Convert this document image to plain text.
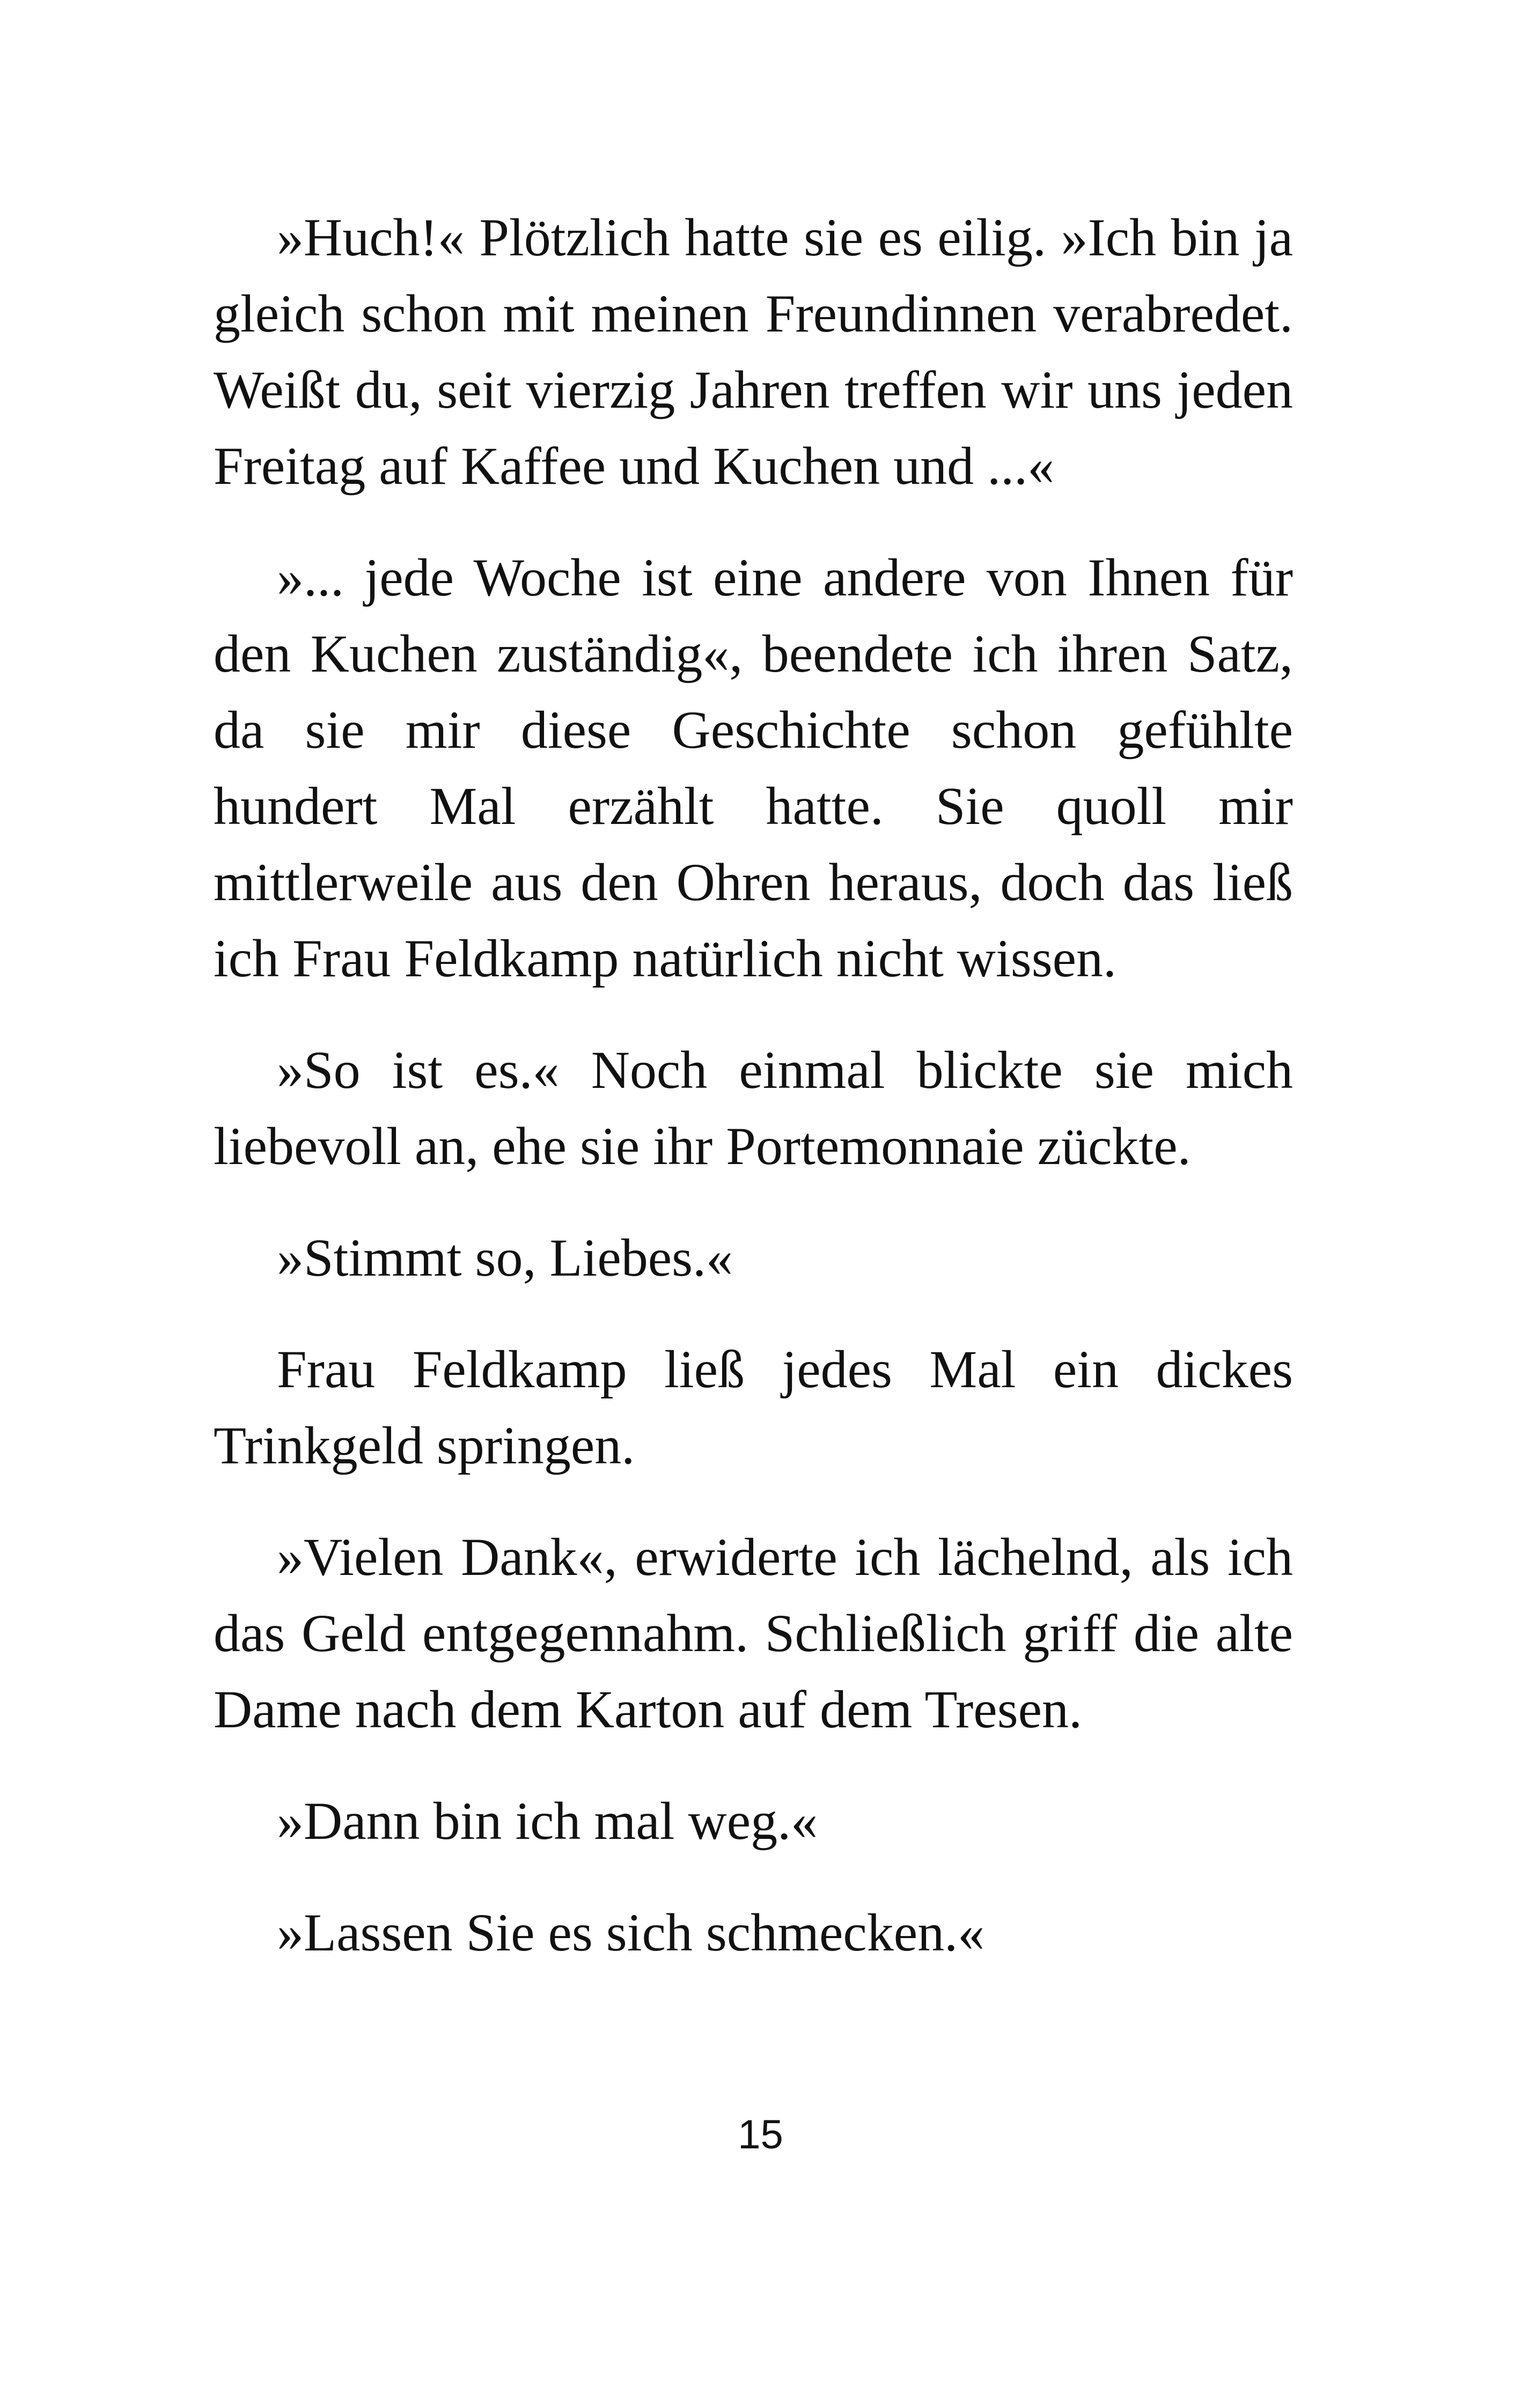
»Huch!« Plötzlich hatte sie es eilig. »Ich bin ja gleich schon mit meinen Freundinnen verabredet. Weißt du, seit vierzig Jahren treffen wir uns jeden Freitag auf Kaffee und Kuchen und ...«

»... jede Woche ist eine andere von Ihnen für den Kuchen zuständig«, beendete ich ihren Satz, da sie mir diese Geschichte schon gefühlte hundert Mal erzählt hatte. Sie quoll mir mittlerweile aus den Ohren heraus, doch das ließ ich Frau Feldkamp natürlich nicht wissen.

»So ist es.« Noch einmal blickte sie mich liebevoll an, ehe sie ihr Portemonnaie zückte.

»Stimmt so, Liebes.«

Frau Feldkamp ließ jedes Mal ein dickes Trinkgeld springen.

»Vielen Dank«, erwiderte ich lächelnd, als ich das Geld entgegennahm. Schließlich griff die alte Dame nach dem Karton auf dem Tresen.

»Dann bin ich mal weg.«

»Lassen Sie es sich schmecken.«

15
